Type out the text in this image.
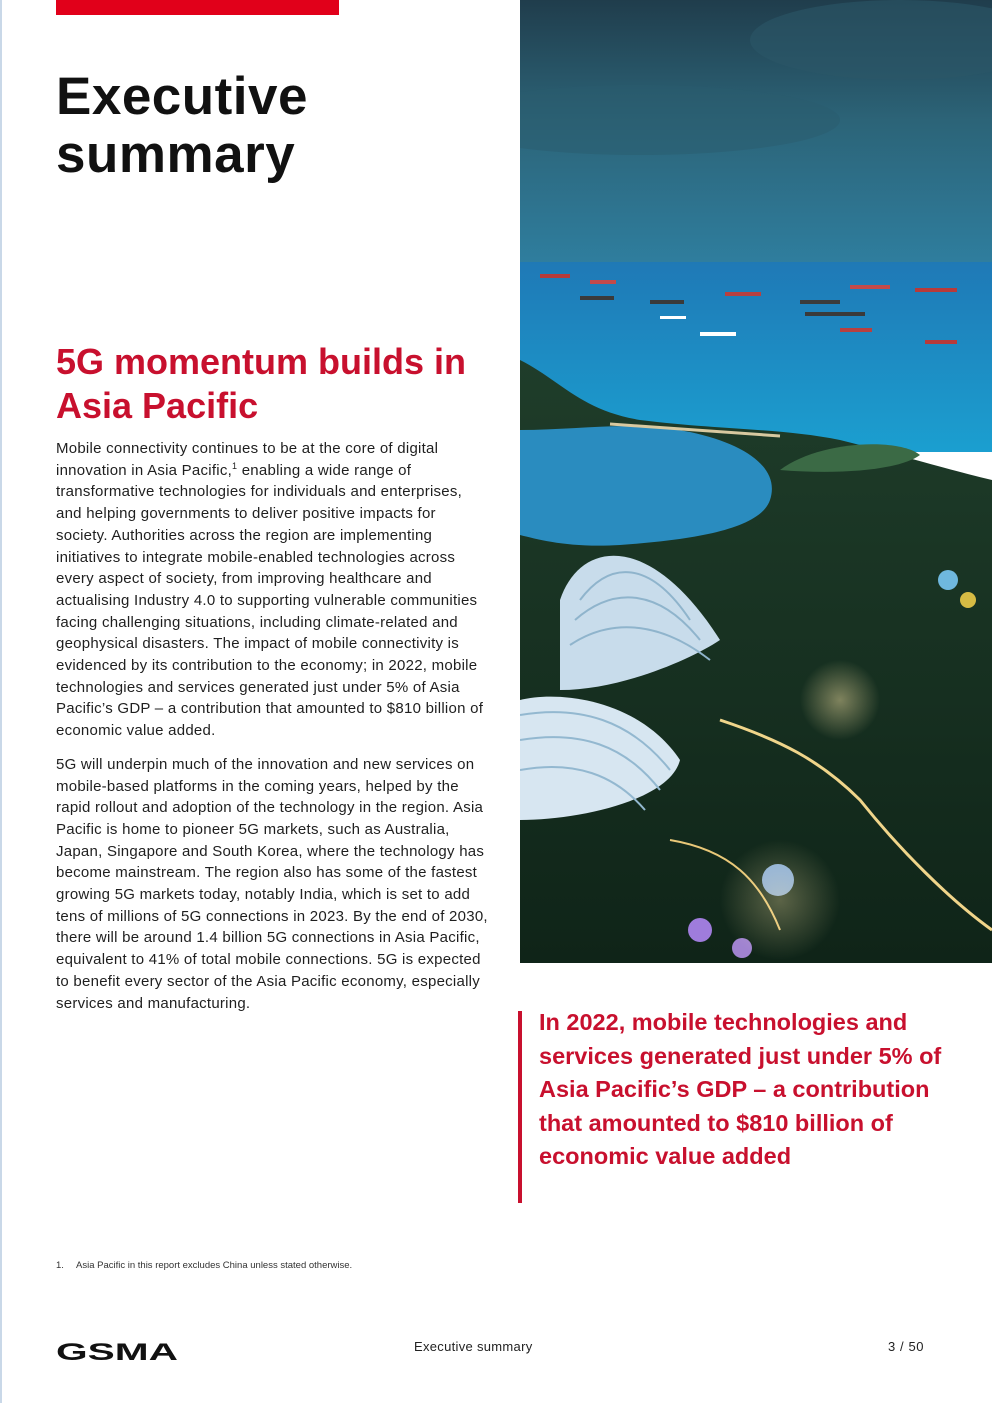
Executive
summary
5G momentum builds in Asia Pacific

Mobile connectivity continues to be at the core of digital innovation in Asia Pacific,$^1$ enabling a wide range of transformative technologies for individuals and enterprises, and helping governments to deliver positive impacts for society. Authorities across the region are implementing initiatives to integrate mobile-enabled technologies across every aspect of society, from improving healthcare and actualising Industry 4.0 to supporting vulnerable communities facing challenging situations, including climate-related and geophysical disasters. The impact of mobile connectivity is evidenced by its contribution to the economy; in 2022, mobile technologies and services generated just under 5% of Asia Pacific’s GDP – a contribution that amounted to $810 billion of economic value added.

5G will underpin much of the innovation and new services on mobile-based platforms in the coming years, helped by the rapid rollout and adoption of the technology in the region. Asia Pacific is home to pioneer 5G markets, such as Australia, Japan, Singapore and South Korea, where the technology has become mainstream. The region also has some of the fastest growing 5G markets today, notably India, which is set to add tens of millions of 5G connections in 2023. By the end of 2030, there will be around 1.4 billion 5G connections in Asia Pacific, equivalent to 41% of total mobile connections. 5G is expected to benefit every sector of the Asia Pacific economy, especially services and manufacturing.

In 2022, mobile technologies and services generated just under 5% of Asia Pacific’s GDP – a contribution that amounted to $810 billion of economic value added

1. Asia Pacific in this report excludes China unless stated otherwise.
GSMA	Executive summary	3 / 50
